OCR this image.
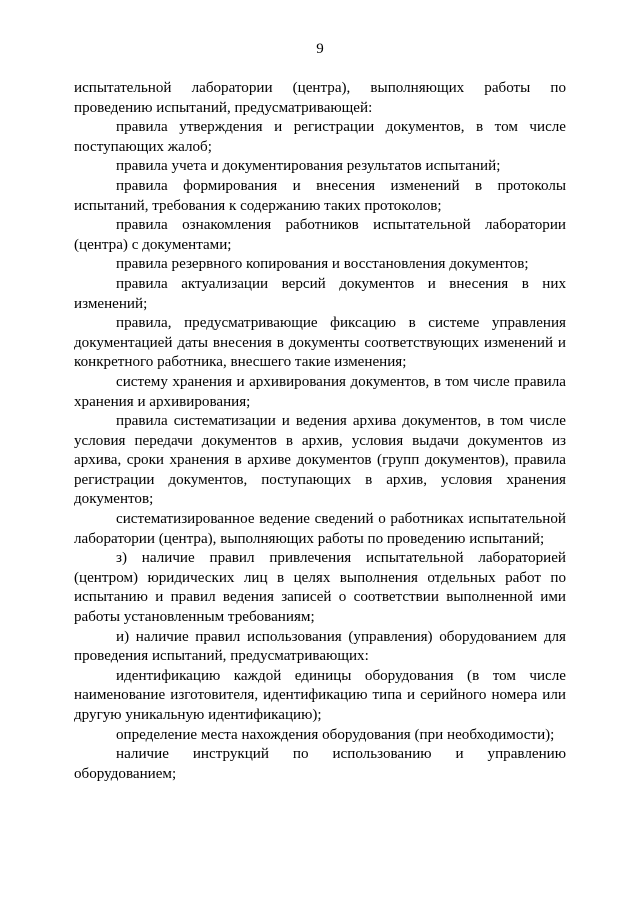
9

испытательной лаборатории (центра), выполняющих работы по проведению испытаний, предусматривающей:

правила утверждения и регистрации документов, в том числе поступающих жалоб;

правила учета и документирования результатов испытаний;

правила формирования и внесения изменений в протоколы испытаний, требования к содержанию таких протоколов;

правила ознакомления работников испытательной лаборатории (центра) с документами;

правила резервного копирования и восстановления документов;

правила актуализации версий документов и внесения в них изменений;

правила, предусматривающие фиксацию в системе управления документацией даты внесения в документы соответствующих изменений и конкретного работника, внесшего такие изменения;

систему хранения и архивирования документов, в том числе правила хранения и архивирования;

правила систематизации и ведения архива документов, в том числе условия передачи документов в архив, условия выдачи документов из архива, сроки хранения в архиве документов (групп документов), правила регистрации документов, поступающих в архив, условия хранения документов;

систематизированное ведение сведений о работниках испытательной лаборатории (центра), выполняющих работы по проведению испытаний;

з) наличие правил привлечения испытательной лабораторией (центром) юридических лиц в целях выполнения отдельных работ по испытанию и правил ведения записей о соответствии выполненной ими работы установленным требованиям;

и) наличие правил использования (управления) оборудованием для проведения испытаний, предусматривающих:

идентификацию каждой единицы оборудования (в том числе наименование изготовителя, идентификацию типа и серийного номера или другую уникальную идентификацию);

определение места нахождения оборудования (при необходимости);

наличие инструкций по использованию и управлению оборудованием;
